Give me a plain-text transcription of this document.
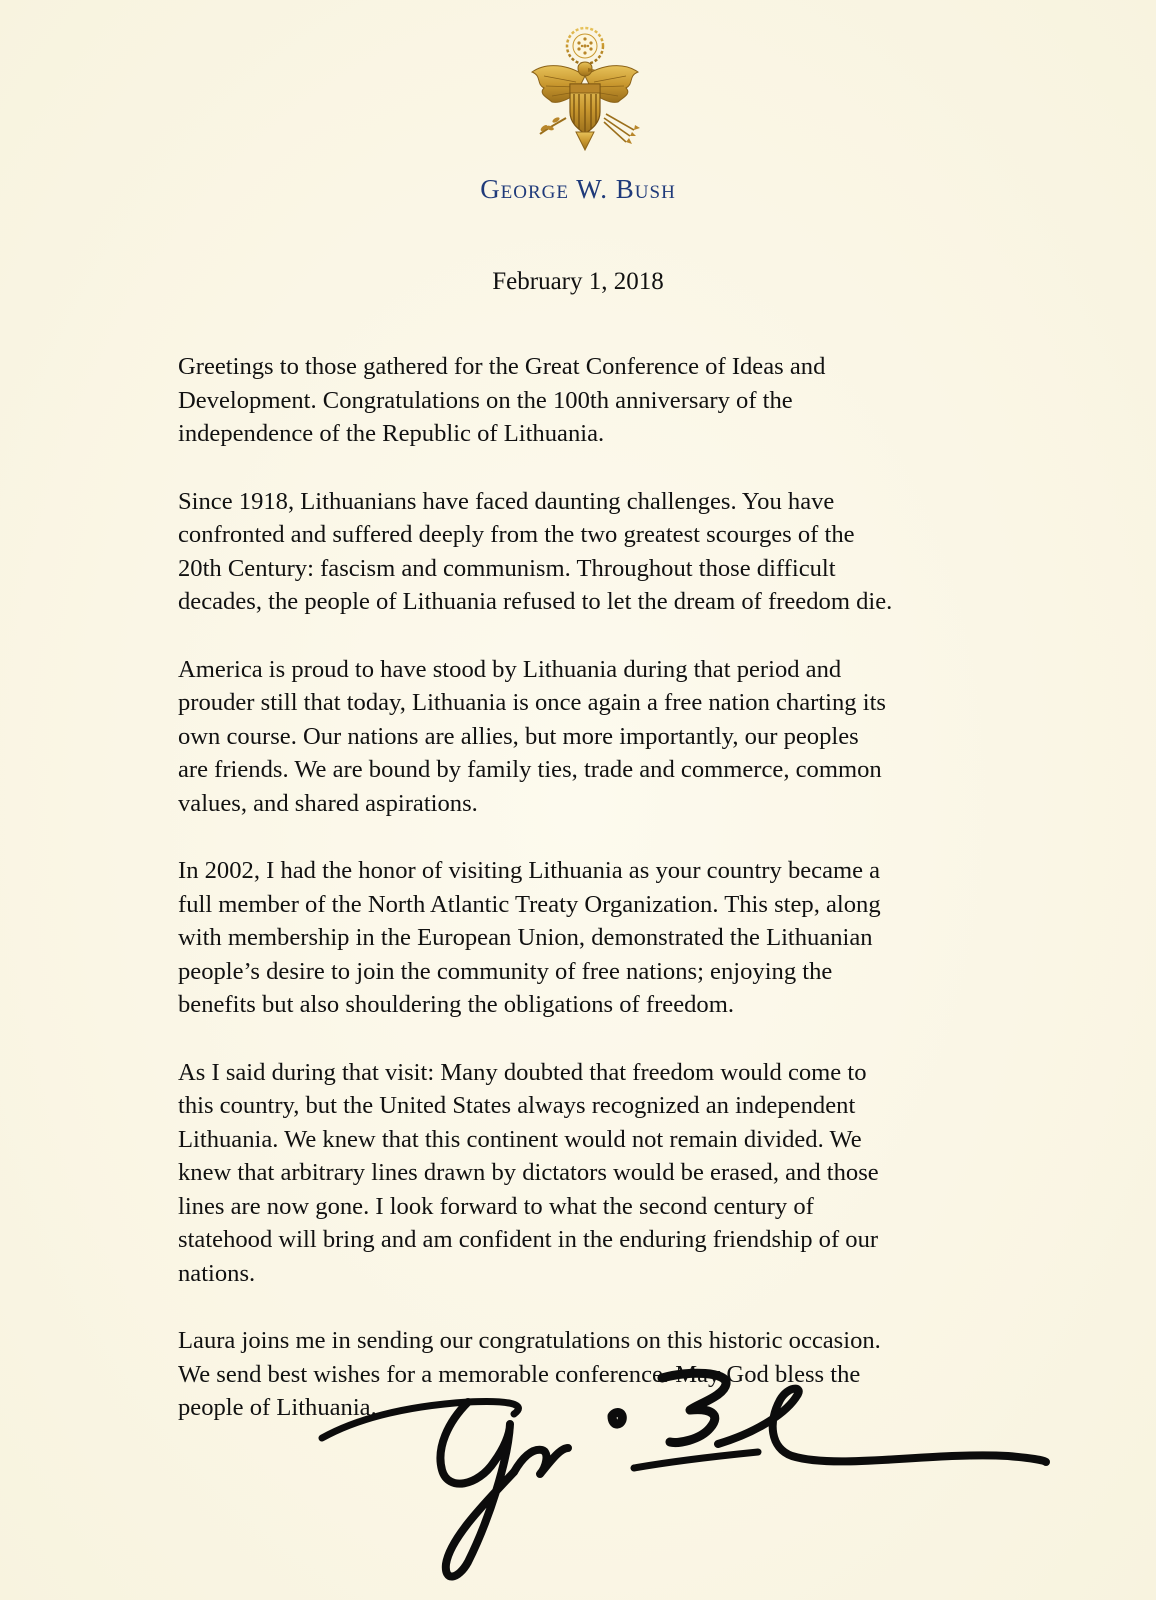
George W. Bush
February 1, 2018

Greetings to those gathered for the Great Conference of Ideas and
Development. Congratulations on the 100th anniversary of the
independence of the Republic of Lithuania.

Since 1918, Lithuanians have faced daunting challenges. You have
confronted and suffered deeply from the two greatest scourges of the
20th Century: fascism and communism. Throughout those difficult
decades, the people of Lithuania refused to let the dream of freedom die.

America is proud to have stood by Lithuania during that period and
prouder still that today, Lithuania is once again a free nation charting its
own course. Our nations are allies, but more importantly, our peoples
are friends. We are bound by family ties, trade and commerce, common
values, and shared aspirations.

In 2002, I had the honor of visiting Lithuania as your country became a
full member of the North Atlantic Treaty Organization. This step, along
with membership in the European Union, demonstrated the Lithuanian
people’s desire to join the community of free nations; enjoying the
benefits but also shouldering the obligations of freedom.

As I said during that visit: Many doubted that freedom would come to
this country, but the United States always recognized an independent
Lithuania. We knew that this continent would not remain divided. We
knew that arbitrary lines drawn by dictators would be erased, and those
lines are now gone. I look forward to what the second century of
statehood will bring and am confident in the enduring friendship of our
nations.

Laura joins me in sending our congratulations on this historic occasion.
We send best wishes for a memorable conference. May God bless the
people of Lithuania.
